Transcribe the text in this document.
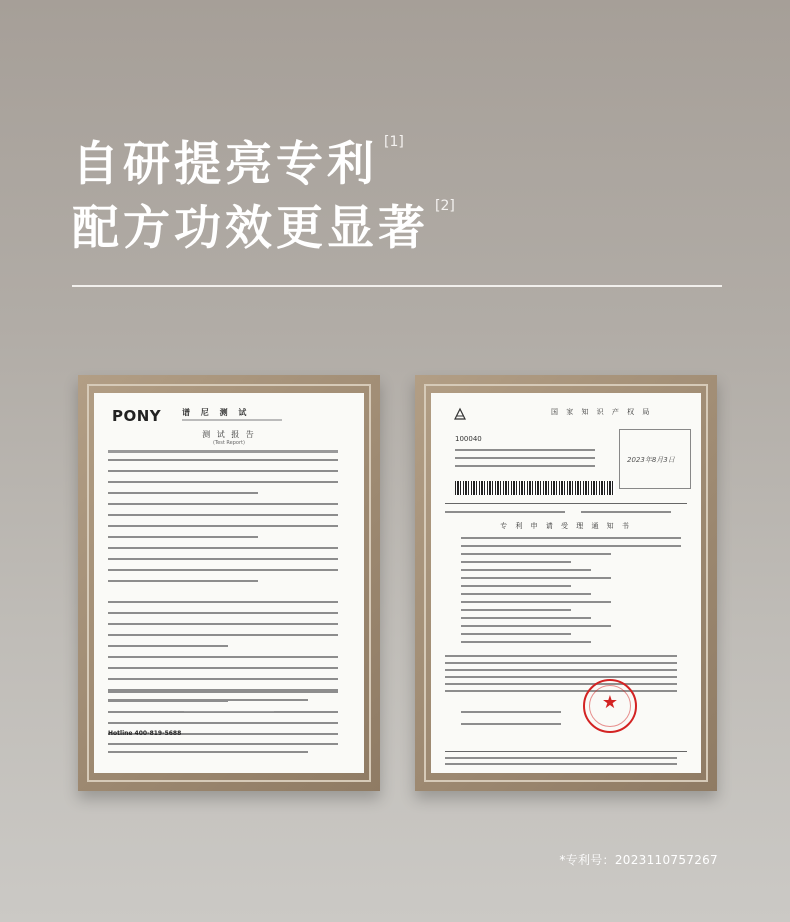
自研提亮专利 [1]
配方功效更显著 [2]
PONY	谱 尼 测 试
测 试 报 告
(Test Report)
Hotline 400-819-5688
国 家 知 识 产 权 局
100040
2023年8月3日
专 利 申 请 受 理 通 知 书
★
*专利号：2023110757267
